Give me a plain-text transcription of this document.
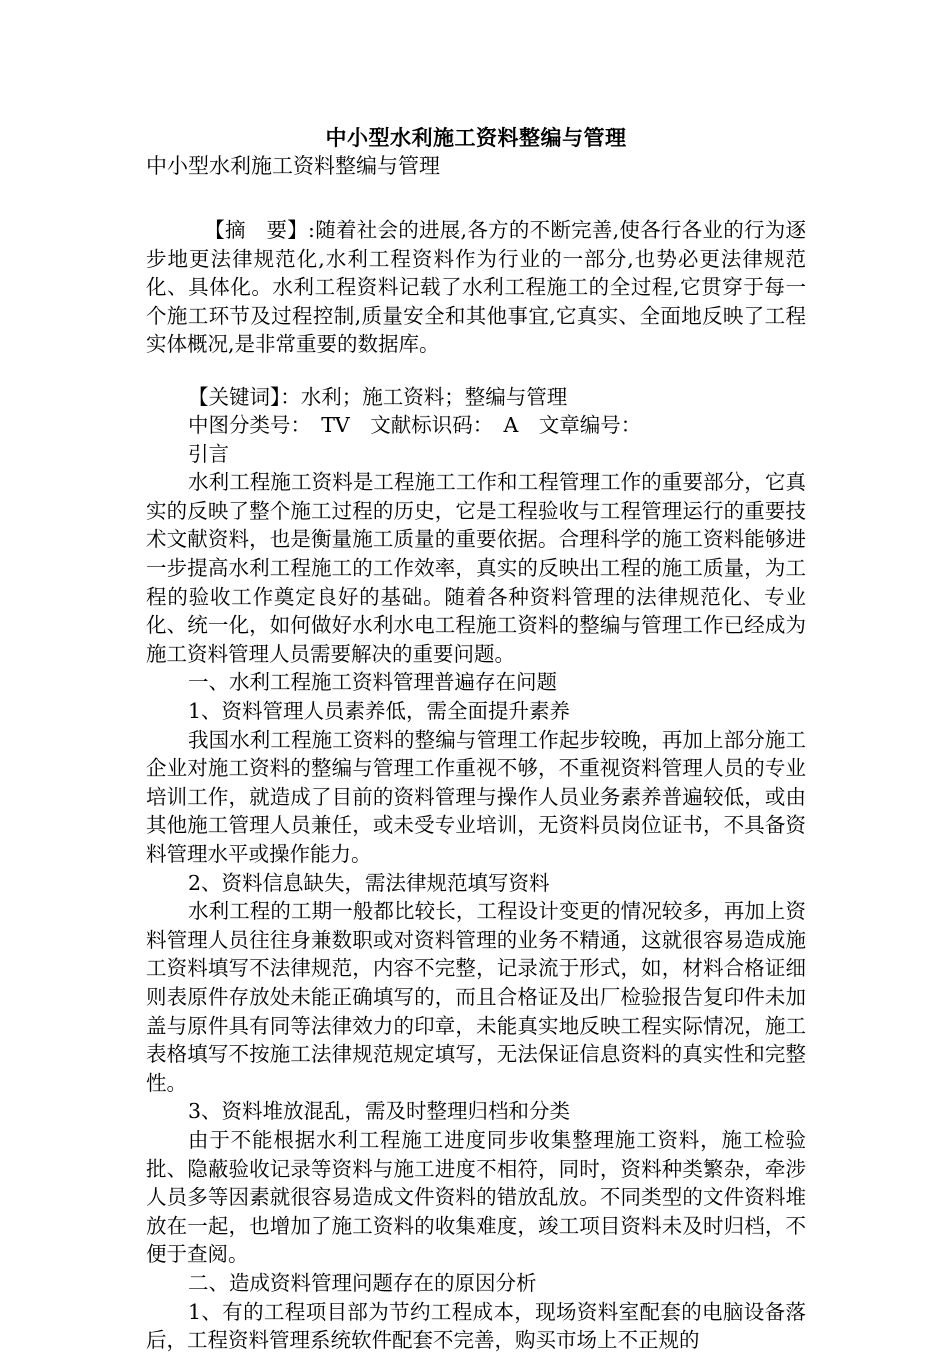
中小型水利施工资料整编与管理

中小型水利施工资料整编与管理

【摘　要】:随着社会的进展,各方的不断完善,使各行各业的行为逐步地更法律规范化,水利工程资料作为行业的一部分,也势必更法律规范化、具体化。水利工程资料记载了水利工程施工的全过程,它贯穿于每一个施工环节及过程控制,质量安全和其他事宜,它真实、全面地反映了工程实体概况,是非常重要的数据库。

【关键词】：水利；施工资料；整编与管理

中图分类号：　TV　文献标识码：　A　文章编号：

引言

水利工程施工资料是工程施工工作和工程管理工作的重要部分，它真实的反映了整个施工过程的历史，它是工程验收与工程管理运行的重要技术文献资料，也是衡量施工质量的重要依据。合理科学的施工资料能够进一步提高水利工程施工的工作效率，真实的反映出工程的施工质量，为工程的验收工作奠定良好的基础。随着各种资料管理的法律规范化、专业化、统一化，如何做好水利水电工程施工资料的整编与管理工作已经成为施工资料管理人员需要解决的重要问题。

一、水利工程施工资料管理普遍存在问题

1、资料管理人员素养低，需全面提升素养

我国水利工程施工资料的整编与管理工作起步较晚，再加上部分施工企业对施工资料的整编与管理工作重视不够，不重视资料管理人员的专业培训工作，就造成了目前的资料管理与操作人员业务素养普遍较低，或由其他施工管理人员兼任，或未受专业培训，无资料员岗位证书，不具备资料管理水平或操作能力。

2、资料信息缺失，需法律规范填写资料

水利工程的工期一般都比较长，工程设计变更的情况较多，再加上资料管理人员往往身兼数职或对资料管理的业务不精通，这就很容易造成施工资料填写不法律规范，内容不完整，记录流于形式，如，材料合格证细则表原件存放处未能正确填写的，而且合格证及出厂检验报告复印件未加盖与原件具有同等法律效力的印章，未能真实地反映工程实际情况，施工表格填写不按施工法律规范规定填写，无法保证信息资料的真实性和完整性。

3、资料堆放混乱，需及时整理归档和分类

由于不能根据水利工程施工进度同步收集整理施工资料，施工检验批、隐蔽验收记录等资料与施工进度不相符，同时，资料种类繁杂，牵涉人员多等因素就很容易造成文件资料的错放乱放。不同类型的文件资料堆放在一起，也增加了施工资料的收集难度，竣工项目资料未及时归档，不便于查阅。

二、造成资料管理问题存在的原因分析

1、有的工程项目部为节约工程成本，现场资料室配套的电脑设备落后，工程资料管理系统软件配套不完善，购买市场上不正规的
